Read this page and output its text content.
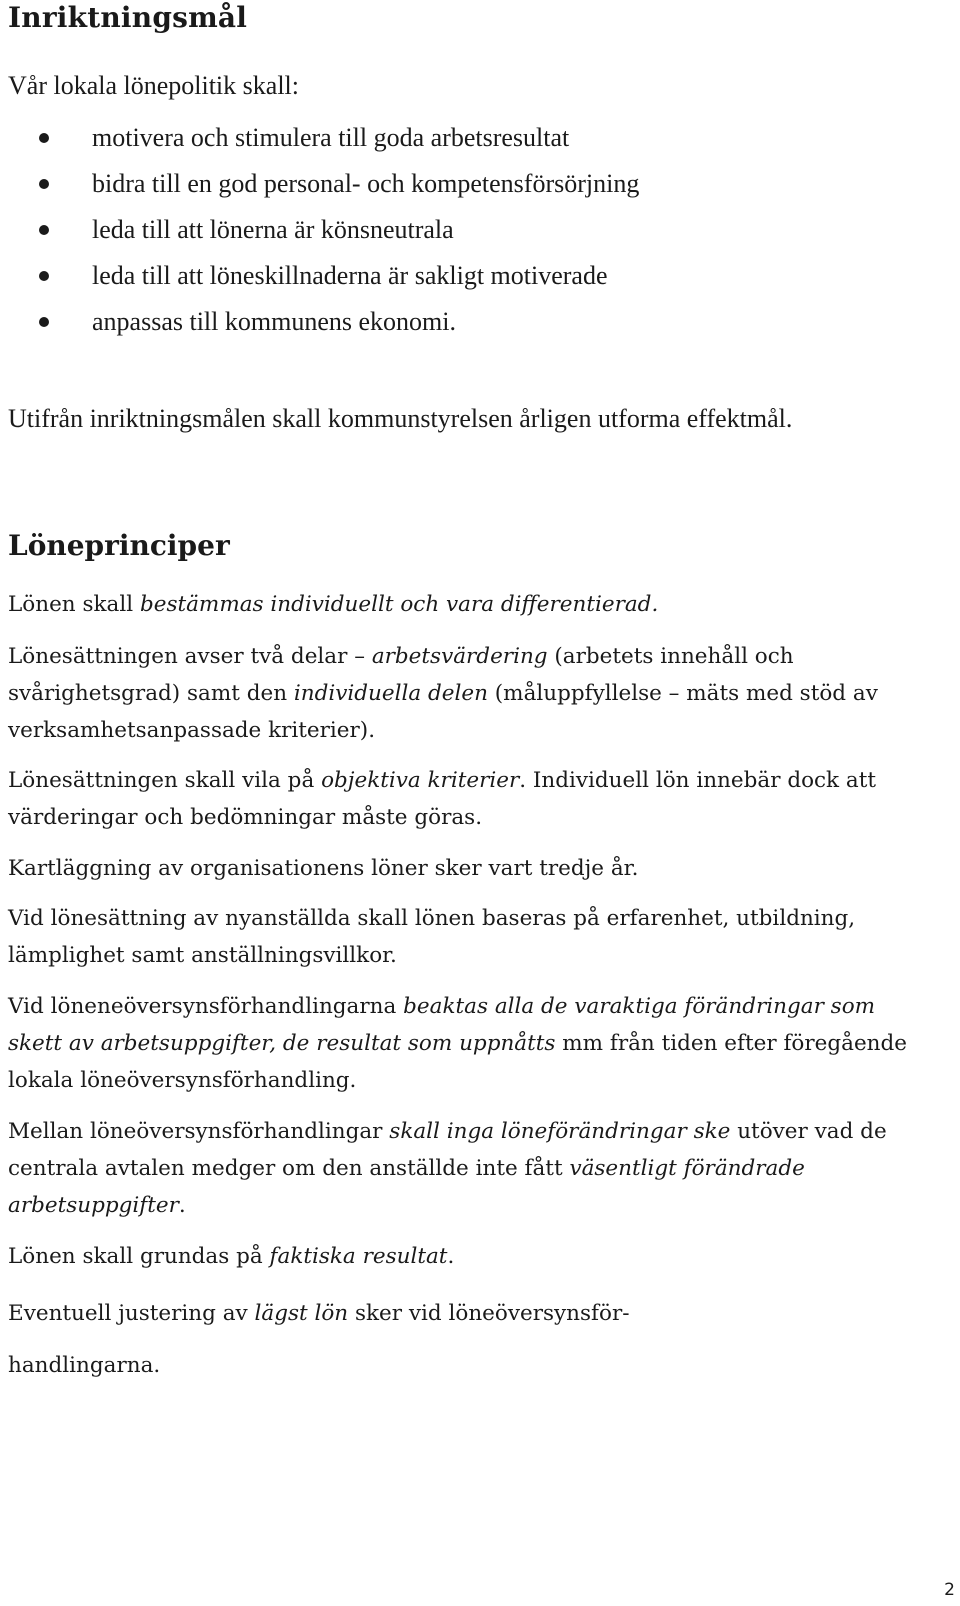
Inriktningsmål

Vår lokala lönepolitik skall:

motivera och stimulera till goda arbetsresultat
bidra till en god personal- och kompetensförsörjning
leda till att lönerna är könsneutrala
leda till att löneskillnaderna är sakligt motiverade
anpassas till kommunens ekonomi.

Utifrån inriktningsmålen skall kommunstyrelsen årligen utforma effektmål.

Löneprinciper

Lönen skall bestämmas individuellt och vara differentierad.

Lönesättningen avser två delar – arbetsvärdering (arbetets innehåll och svårighetsgrad) samt den individuella delen (måluppfyllelse – mäts med stöd av verksamhetsanpassade kriterier).

Lönesättningen skall vila på objektiva kriterier. Individuell lön innebär dock att värderingar och bedömningar måste göras.

Kartläggning av organisationens löner sker vart tredje år.

Vid lönesättning av nyanställda skall lönen baseras på erfarenhet, utbildning, lämplighet samt anställningsvillkor.

Vid löneneöversynsförhandlingarna beaktas alla de varaktiga förändringar som skett av arbetsuppgifter, de resultat som uppnåtts mm från tiden efter föregående lokala löneöversynsförhandling.

Mellan löneöversynsförhandlingar skall inga löneförändringar ske utöver vad de centrala avtalen medger om den anställde inte fått väsentligt förändrade arbetsuppgifter.

Lönen skall grundas på faktiska resultat.

Eventuell justering av lägst lön sker vid löneöversynsför-
handlingarna.

2
